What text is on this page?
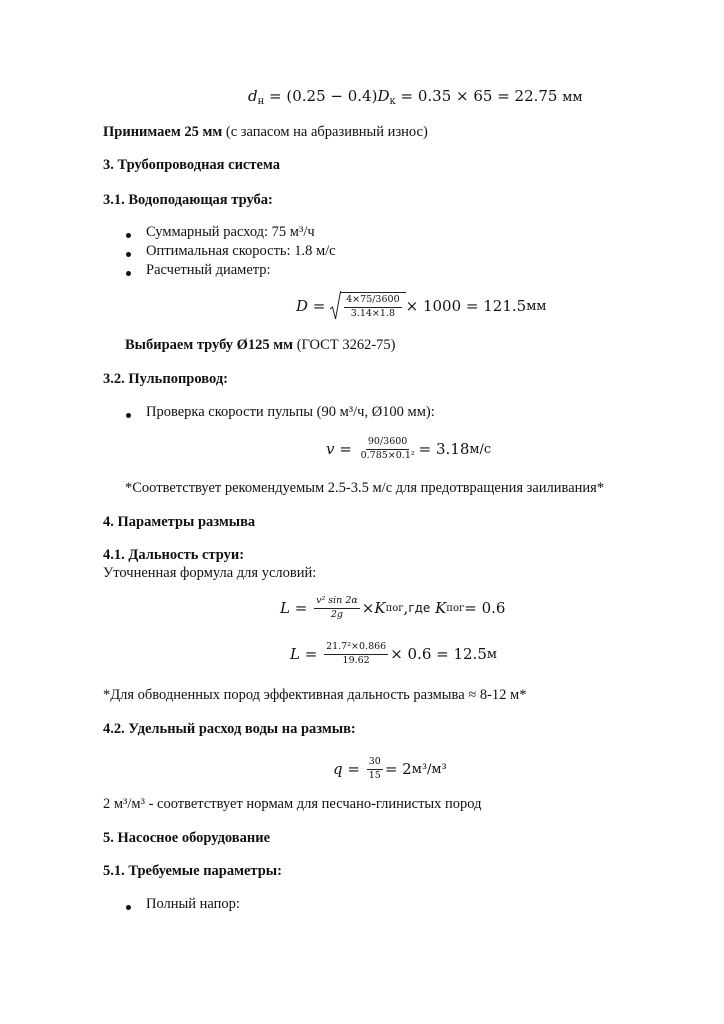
$d_н = (0.25 - 0.4)D_к = 0.35 \times 65 = 22.75$ мм
Принимаем 25 мм (с запасом на абразивный износ)
3. Трубопроводная система
3.1. Водоподающая труба:
Суммарный расход: 75 м³/ч
Оптимальная скорость: 1.8 м/с
Расчетный диаметр:
$D = \frac{4\times 75/3600}{3.14\times 1.8} \times 1000 = 121.5$ мм
Выбираем трубу Ø125 мм (ГОСТ 3262-75)
3.2. Пульпопровод:
Проверка скорости пульпы (90 м³/ч, Ø100 мм):
$v = \frac{90/3600}{\text{0.785×0.1²}} = 3.18$ м/с
*Соответствует рекомендуемым 2.5-3.5 м/с для предотвращения заиливания*
4. Параметры размыва
4.1. Дальность струи:
Уточненная формула для условий:
$L = \frac{\text{v² sin 2α}}{2g} \times K$ пог , где
K пог = 0.6
$L = \frac{\text{21.7²×0.866}}{19.62} \times 0.6 = 12.5$ м
*Для обводненных пород эффективная дальность размыва ≈ 8-12 м*
4.2. Удельный расход воды на размыв:
$q = \frac{30}{15} = 2$ м³/м³
2 м³/м³ - соответствует нормам для песчано-глинистых пород
5. Насосное оборудование
5.1. Требуемые параметры:
Полный напор:
